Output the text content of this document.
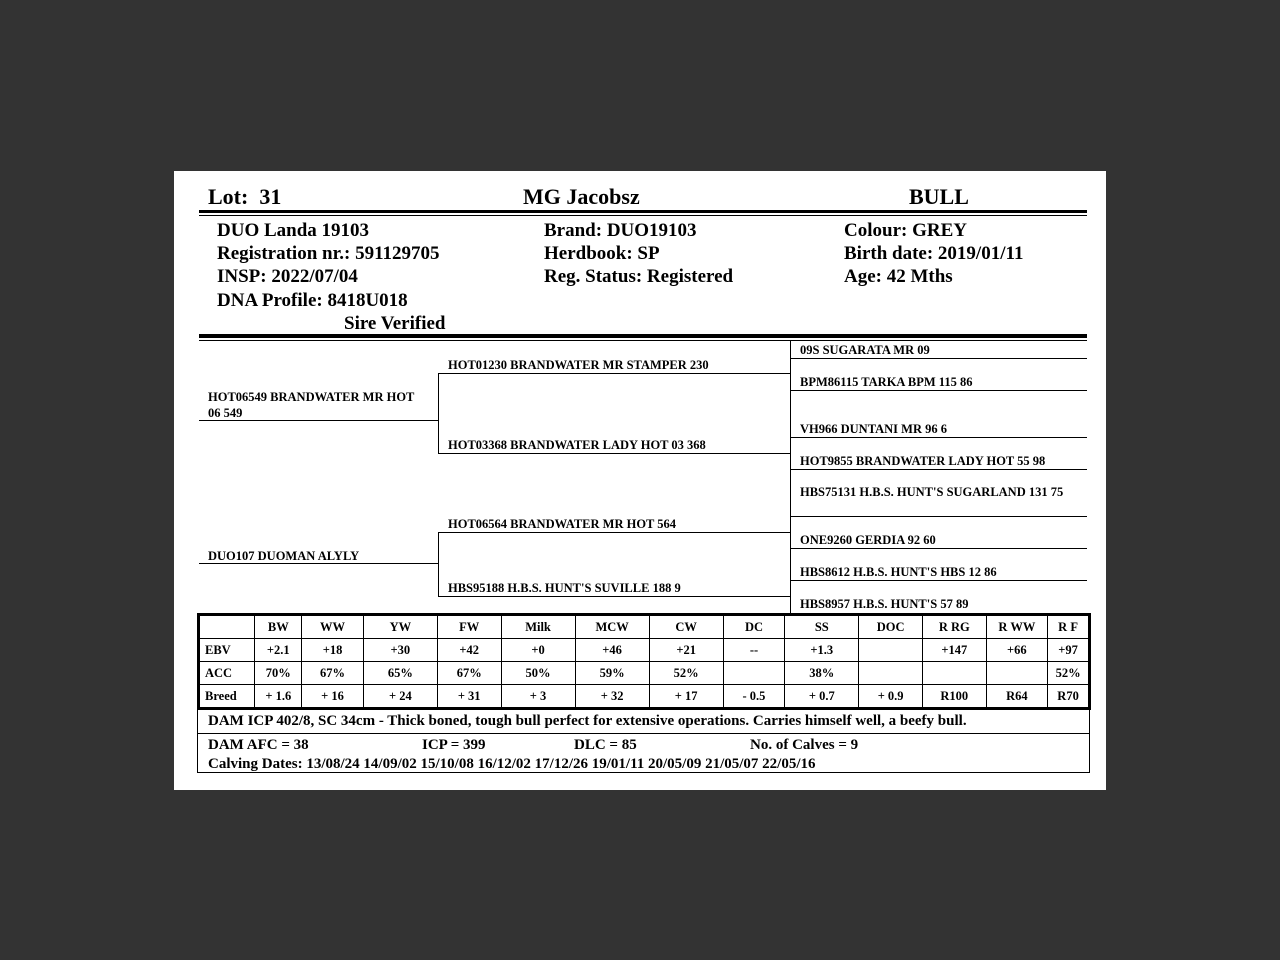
Lot: 31	MG Jacobsz	BULL
DUO Landa 19103
Registration nr.: 591129705
INSP: 2022/07/04
DNA Profile: 8418U018
Sire Verified
Brand: DUO19103
Herdbook: SP
Reg. Status: Registered
Colour: GREY
Birth date: 2019/01/11
Age: 42 Mths
HOT06549 BRANDWATER MR HOT 06 549
DUO107 DUOMAN ALYLY
HOT01230 BRANDWATER MR STAMPER 230
HOT03368 BRANDWATER LADY HOT 03 368
HOT06564 BRANDWATER MR HOT 564
HBS95188 H.B.S. HUNT'S SUVILLE 188 9
09S SUGARATA MR 09
BPM86115 TARKA BPM 115 86
VH966 DUNTANI MR 96 6
HOT9855 BRANDWATER LADY HOT 55 98
HBS75131 H.B.S. HUNT'S SUGARLAND 131 75
ONE9260 GERDIA 92 60
HBS8612 H.B.S. HUNT'S HBS 12 86
HBS8957 H.B.S. HUNT'S 57 89
	BW	WW	YW	FW	Milk	MCW	CW	DC	SS	DOC	R RG	R WW	R F
EBV	+2.1	+18	+30	+42	+0	+46	+21	--	+1.3		+147	+66	+97
ACC	70%	67%	65%	67%	50%	59%	52%		38%				52%
Breed	+ 1.6	+ 16	+ 24	+ 31	+ 3	+ 32	+ 17	- 0.5	+ 0.7	+ 0.9	R100	R64	R70
DAM ICP 402/8, SC 34cm - Thick boned, tough bull perfect for extensive operations. Carries himself well, a beefy bull.
DAM AFC = 38	ICP = 399	DLC = 85	No. of Calves = 9
Calving Dates: 13/08/24 14/09/02 15/10/08 16/12/02 17/12/26 19/01/11 20/05/09 21/05/07 22/05/16
